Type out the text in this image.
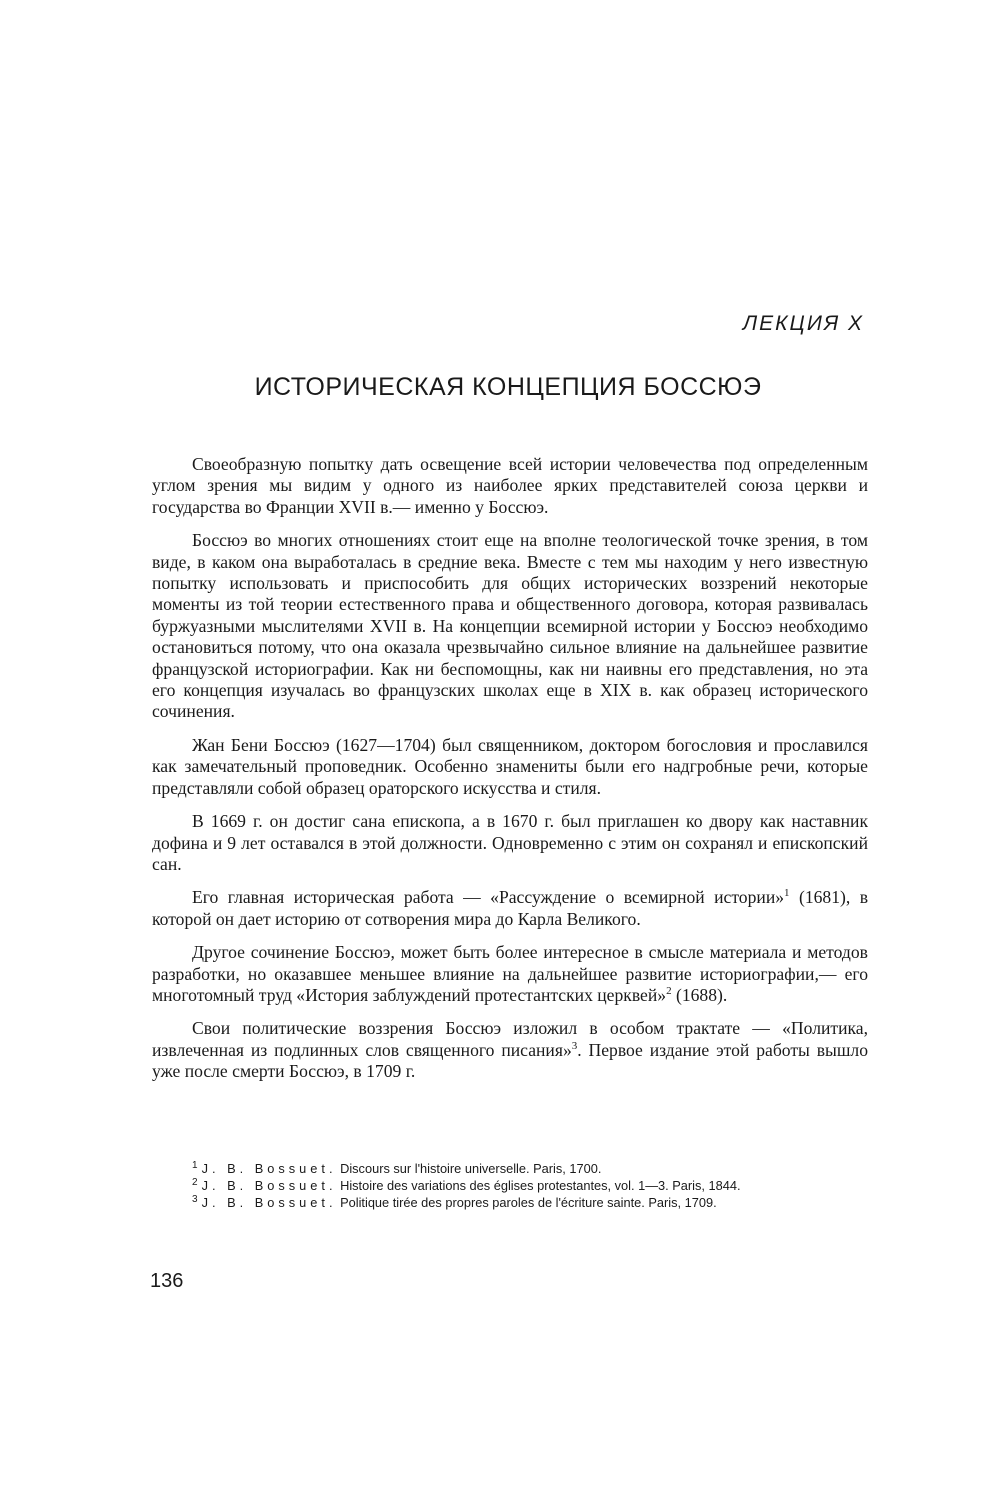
ЛЕКЦИЯ X
ИСТОРИЧЕСКАЯ КОНЦЕПЦИЯ БОССЮЭ

Своеобразную попытку дать освещение всей истории человечества под определенным углом зрения мы видим у одного из наиболее ярких представителей союза церкви и государства во Франции XVII в.— именно у Боссюэ.

Боссюэ во многих отношениях стоит еще на вполне теологической точке зрения, в том виде, в каком она выработалась в средние века. Вместе с тем мы находим у него известную попытку использовать и приспособить для общих исторических воззрений некоторые моменты из той теории естественного права и общественного договора, которая развивалась буржуазными мыслителями XVII в. На концепции всемирной истории у Боссюэ необходимо остановиться потому, что она оказала чрезвычайно сильное влияние на дальнейшее развитие французской историографии. Как ни беспомощны, как ни наивны его представления, но эта его концепция изучалась во французских школах еще в XIX в. как образец исторического сочинения.

Жан Бени Боссюэ (1627—1704) был священником, доктором богословия и прославился как замечательный проповедник. Особенно знамениты были его надгробные речи, которые представляли собой образец ораторского искусства и стиля.

В 1669 г. он достиг сана епископа, а в 1670 г. был приглашен ко двору как наставник дофина и 9 лет оставался в этой должности. Одновременно с этим он сохранял и епископский сан.

Его главная историческая работа — «Рассуждение о всемирной истории»$^1$ (1681), в которой он дает историю от сотворения мира до Карла Великого.

Другое сочинение Боссюэ, может быть более интересное в смысле материала и методов разработки, но оказавшее меньшее влияние на дальнейшее развитие историографии,— его многотомный труд «История заблуждений протестантских церквей»$^2$ (1688).

Свои политические воззрения Боссюэ изложил в особом трактате — «Политика, извлеченная из подлинных слов священного писания»$^3$. Первое издание этой работы вышло уже после смерти Боссюэ, в 1709 г.

$^1$ J. B. Bossuet. Discours sur l'histoire universelle. Paris, 1700.

$^2$ J. B. Bossuet. Histoire des variations des églises protestantes, vol. 1—3. Paris, 1844.

$^3$ J. B. Bossuet. Politique tirée des propres paroles de l'écriture sainte. Paris, 1709.

136
